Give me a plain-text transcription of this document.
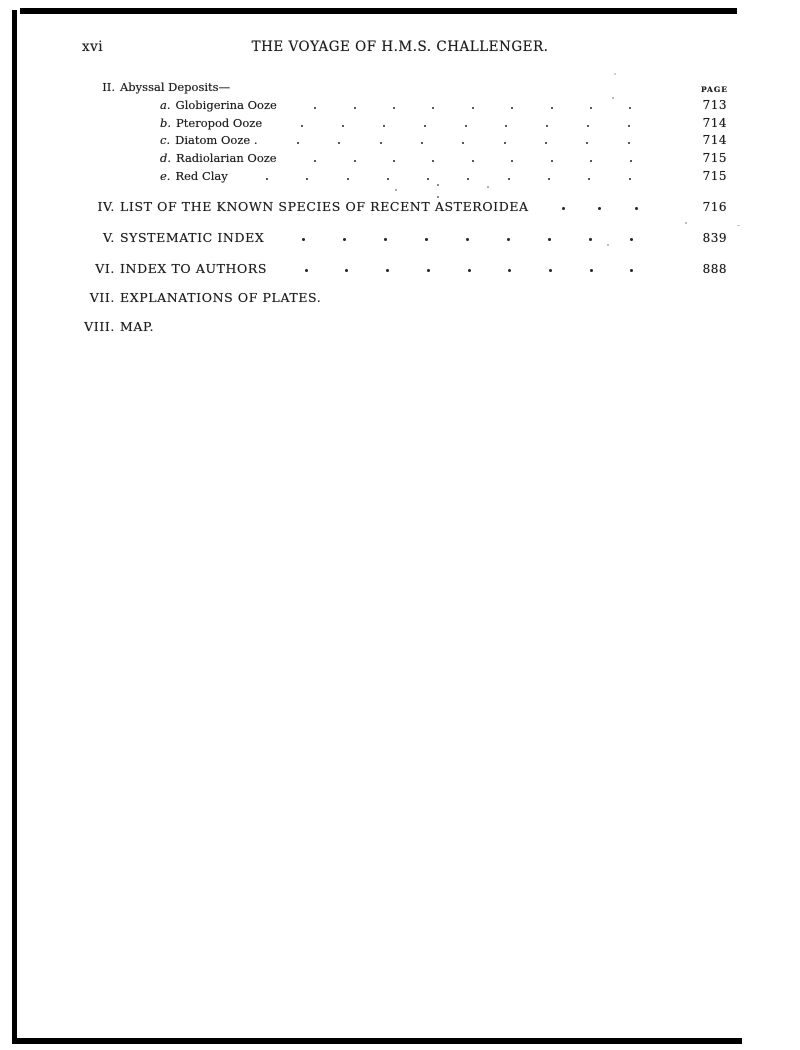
xvi	THE VOYAGE OF H.M.S. CHALLENGER.
PAGE
II. Abyssal Deposits—
a. Globigerina Ooze	713
b. Pteropod Ooze	714
c. Diatom Ooze .	714
d. Radiolarian Ooze	715
e. Red Clay	715
IV. LIST OF THE KNOWN SPECIES OF RECENT ASTEROIDEA	716
V. SYSTEMATIC INDEX	839
VI. INDEX TO AUTHORS	888
VII. EXPLANATIONS OF PLATES.
VIII. MAP.
